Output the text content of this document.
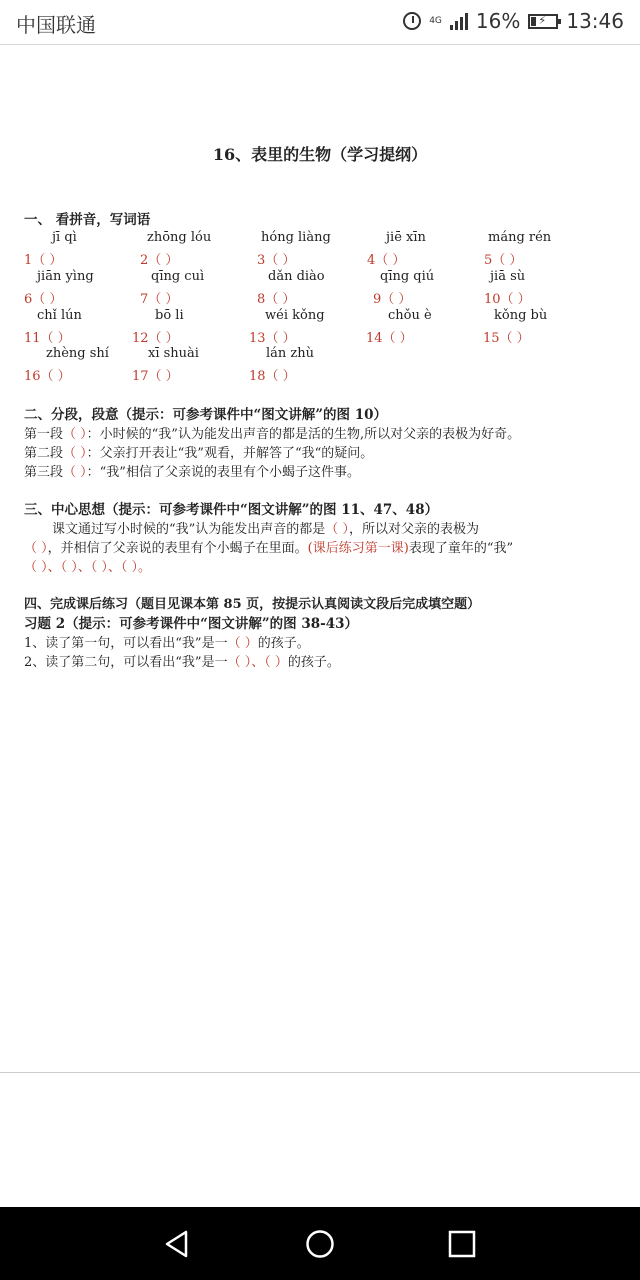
中国联通	4G 16% ⚡ 13:46
16、表里的生物（学习提纲）
一、 看拼音，写词语
jī qì	zhōng lóu	hóng liàng	jiē xīn	máng rén
1（ ）	2（ ）	3（ ）	4（ ）	5（ ）
jiān yìng	qīng cuì	dǎn diào	qīng qiú	jiā sù
6（ ）	7（ ）	8（ ）	9（ ）	10（ ）
chǐ lún	bō li	wéi kǒng	chǒu è	kǒng bù
11（ ）	12（ ）	13（ ）	14（ ）	15（ ）
zhèng shí	xī shuài	lán zhù
16（ ）	17（ ）	18（ ）
二、分段，段意（提示：可参考课件中“图文讲解”的图 10）
第一段（ ）：小时候的“我”认为能发出声音的都是活的生物,所以对父亲的表极为好奇。
第二段（ ）：父亲打开表让“我”观看，并解答了“我“的疑问。
第三段（ ）：“我”相信了父亲说的表里有个小蝎子这件事。
三、中心思想（提示：可参考课件中“图文讲解”的图 11、47、48）
课文通过写小时候的“我”认为能发出声音的都是（ ），所以对父亲的表极为
（ ），并相信了父亲说的表里有个小蝎子在里面。(课后练习第一课)表现了童年的“我”
（ ）、（ ）、（ ）、（ ）。
四、完成课后练习（题目见课本第 85 页，按提示认真阅读文段后完成填空题）
习题 2（提示：可参考课件中“图文讲解”的图 38-43）
1、读了第一句，可以看出“我”是一（ ）的孩子。
2、读了第二句，可以看出“我”是一（ ）、（ ）的孩子。
